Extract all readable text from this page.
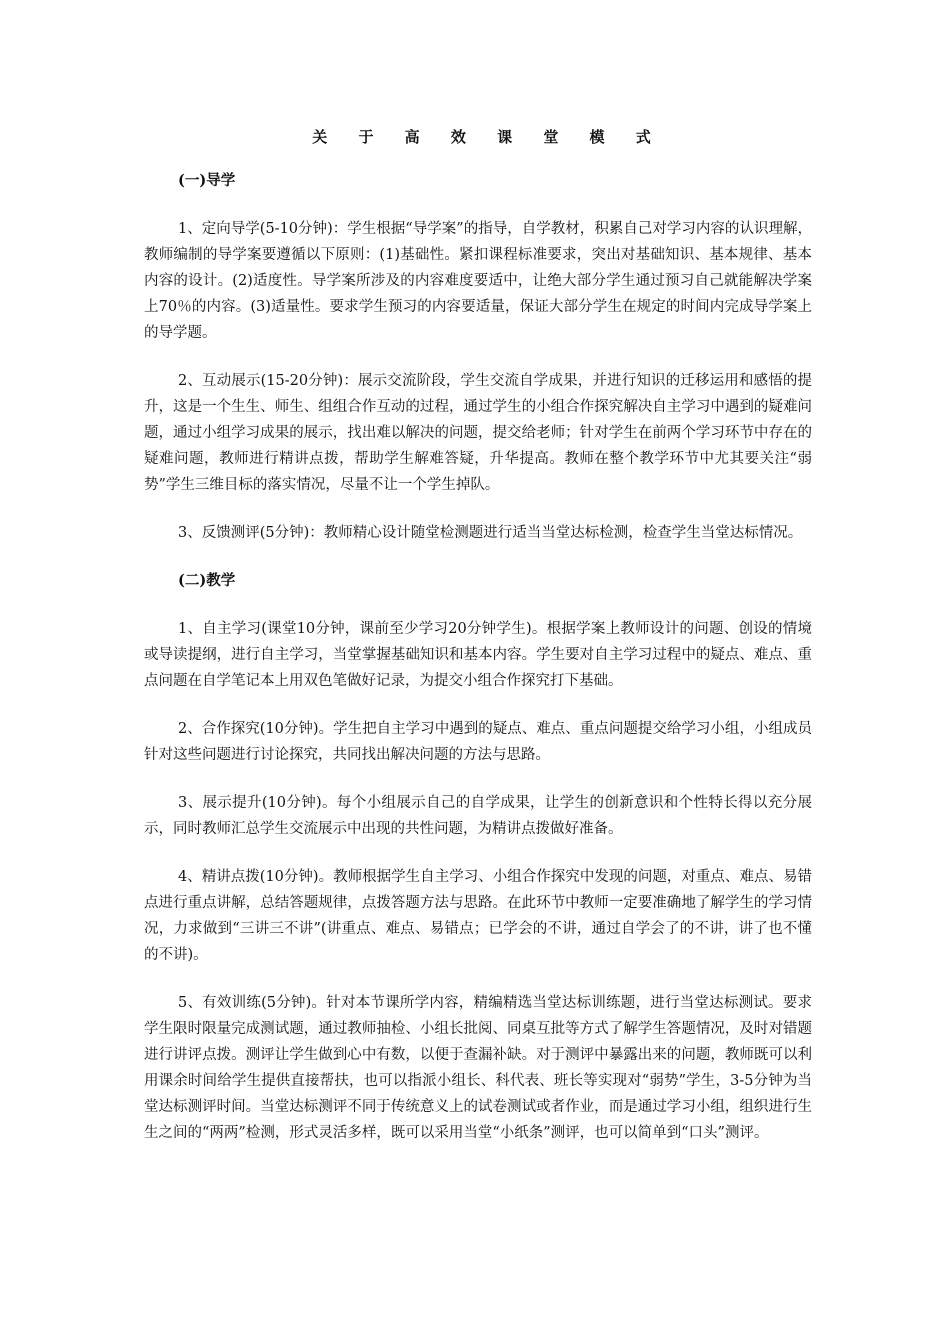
关 于 高 效 课 堂 模 式
(一)导学

1、定向导学(5-10分钟)：学生根据“导学案”的指导，自学教材，积累自己对学习内容的认识理解，教师编制的导学案要遵循以下原则：(1)基础性。紧扣课程标准要求，突出对基础知识、基本规律、基本内容的设计。(2)适度性。导学案所涉及的内容难度要适中，让绝大部分学生通过预习自己就能解决学案上70％的内容。(3)适量性。要求学生预习的内容要适量，保证大部分学生在规定的时间内完成导学案上的导学题。

2、互动展示(15-20分钟)：展示交流阶段，学生交流自学成果，并进行知识的迁移运用和感悟的提升，这是一个生生、师生、组组合作互动的过程，通过学生的小组合作探究解决自主学习中遇到的疑难问题，通过小组学习成果的展示，找出难以解决的问题，提交给老师；针对学生在前两个学习环节中存在的疑难问题，教师进行精讲点拨，帮助学生解难答疑，升华提高。教师在整个教学环节中尤其要关注“弱势”学生三维目标的落实情况，尽量不让一个学生掉队。

3、反馈测评(5分钟)：教师精心设计随堂检测题进行适当当堂达标检测，检查学生当堂达标情况。

(二)教学

1、自主学习(课堂10分钟，课前至少学习20分钟学生)。根据学案上教师设计的问题、创设的情境或导读提纲，进行自主学习，当堂掌握基础知识和基本内容。学生要对自主学习过程中的疑点、难点、重点问题在自学笔记本上用双色笔做好记录，为提交小组合作探究打下基础。

2、合作探究(10分钟)。学生把自主学习中遇到的疑点、难点、重点问题提交给学习小组，小组成员针对这些问题进行讨论探究，共同找出解决问题的方法与思路。

3、展示提升(10分钟)。每个小组展示自己的自学成果，让学生的创新意识和个性特长得以充分展示，同时教师汇总学生交流展示中出现的共性问题，为精讲点拨做好准备。

4、精讲点拨(10分钟)。教师根据学生自主学习、小组合作探究中发现的问题，对重点、难点、易错点进行重点讲解，总结答题规律，点拨答题方法与思路。在此环节中教师一定要准确地了解学生的学习情况，力求做到“三讲三不讲”(讲重点、难点、易错点；已学会的不讲，通过自学会了的不讲，讲了也不懂的不讲)。

5、有效训练(5分钟)。针对本节课所学内容，精编精选当堂达标训练题，进行当堂达标测试。要求学生限时限量完成测试题，通过教师抽检、小组长批阅、同桌互批等方式了解学生答题情况，及时对错题进行讲评点拨。测评让学生做到心中有数，以便于查漏补缺。对于测评中暴露出来的问题，教师既可以利用课余时间给学生提供直接帮扶，也可以指派小组长、科代表、班长等实现对“弱势”学生，3-5分钟为当堂达标测评时间。当堂达标测评不同于传统意义上的试卷测试或者作业，而是通过学习小组，组织进行生生之间的“两两”检测，形式灵活多样，既可以采用当堂“小纸条”测评，也可以简单到“口头”测评。
